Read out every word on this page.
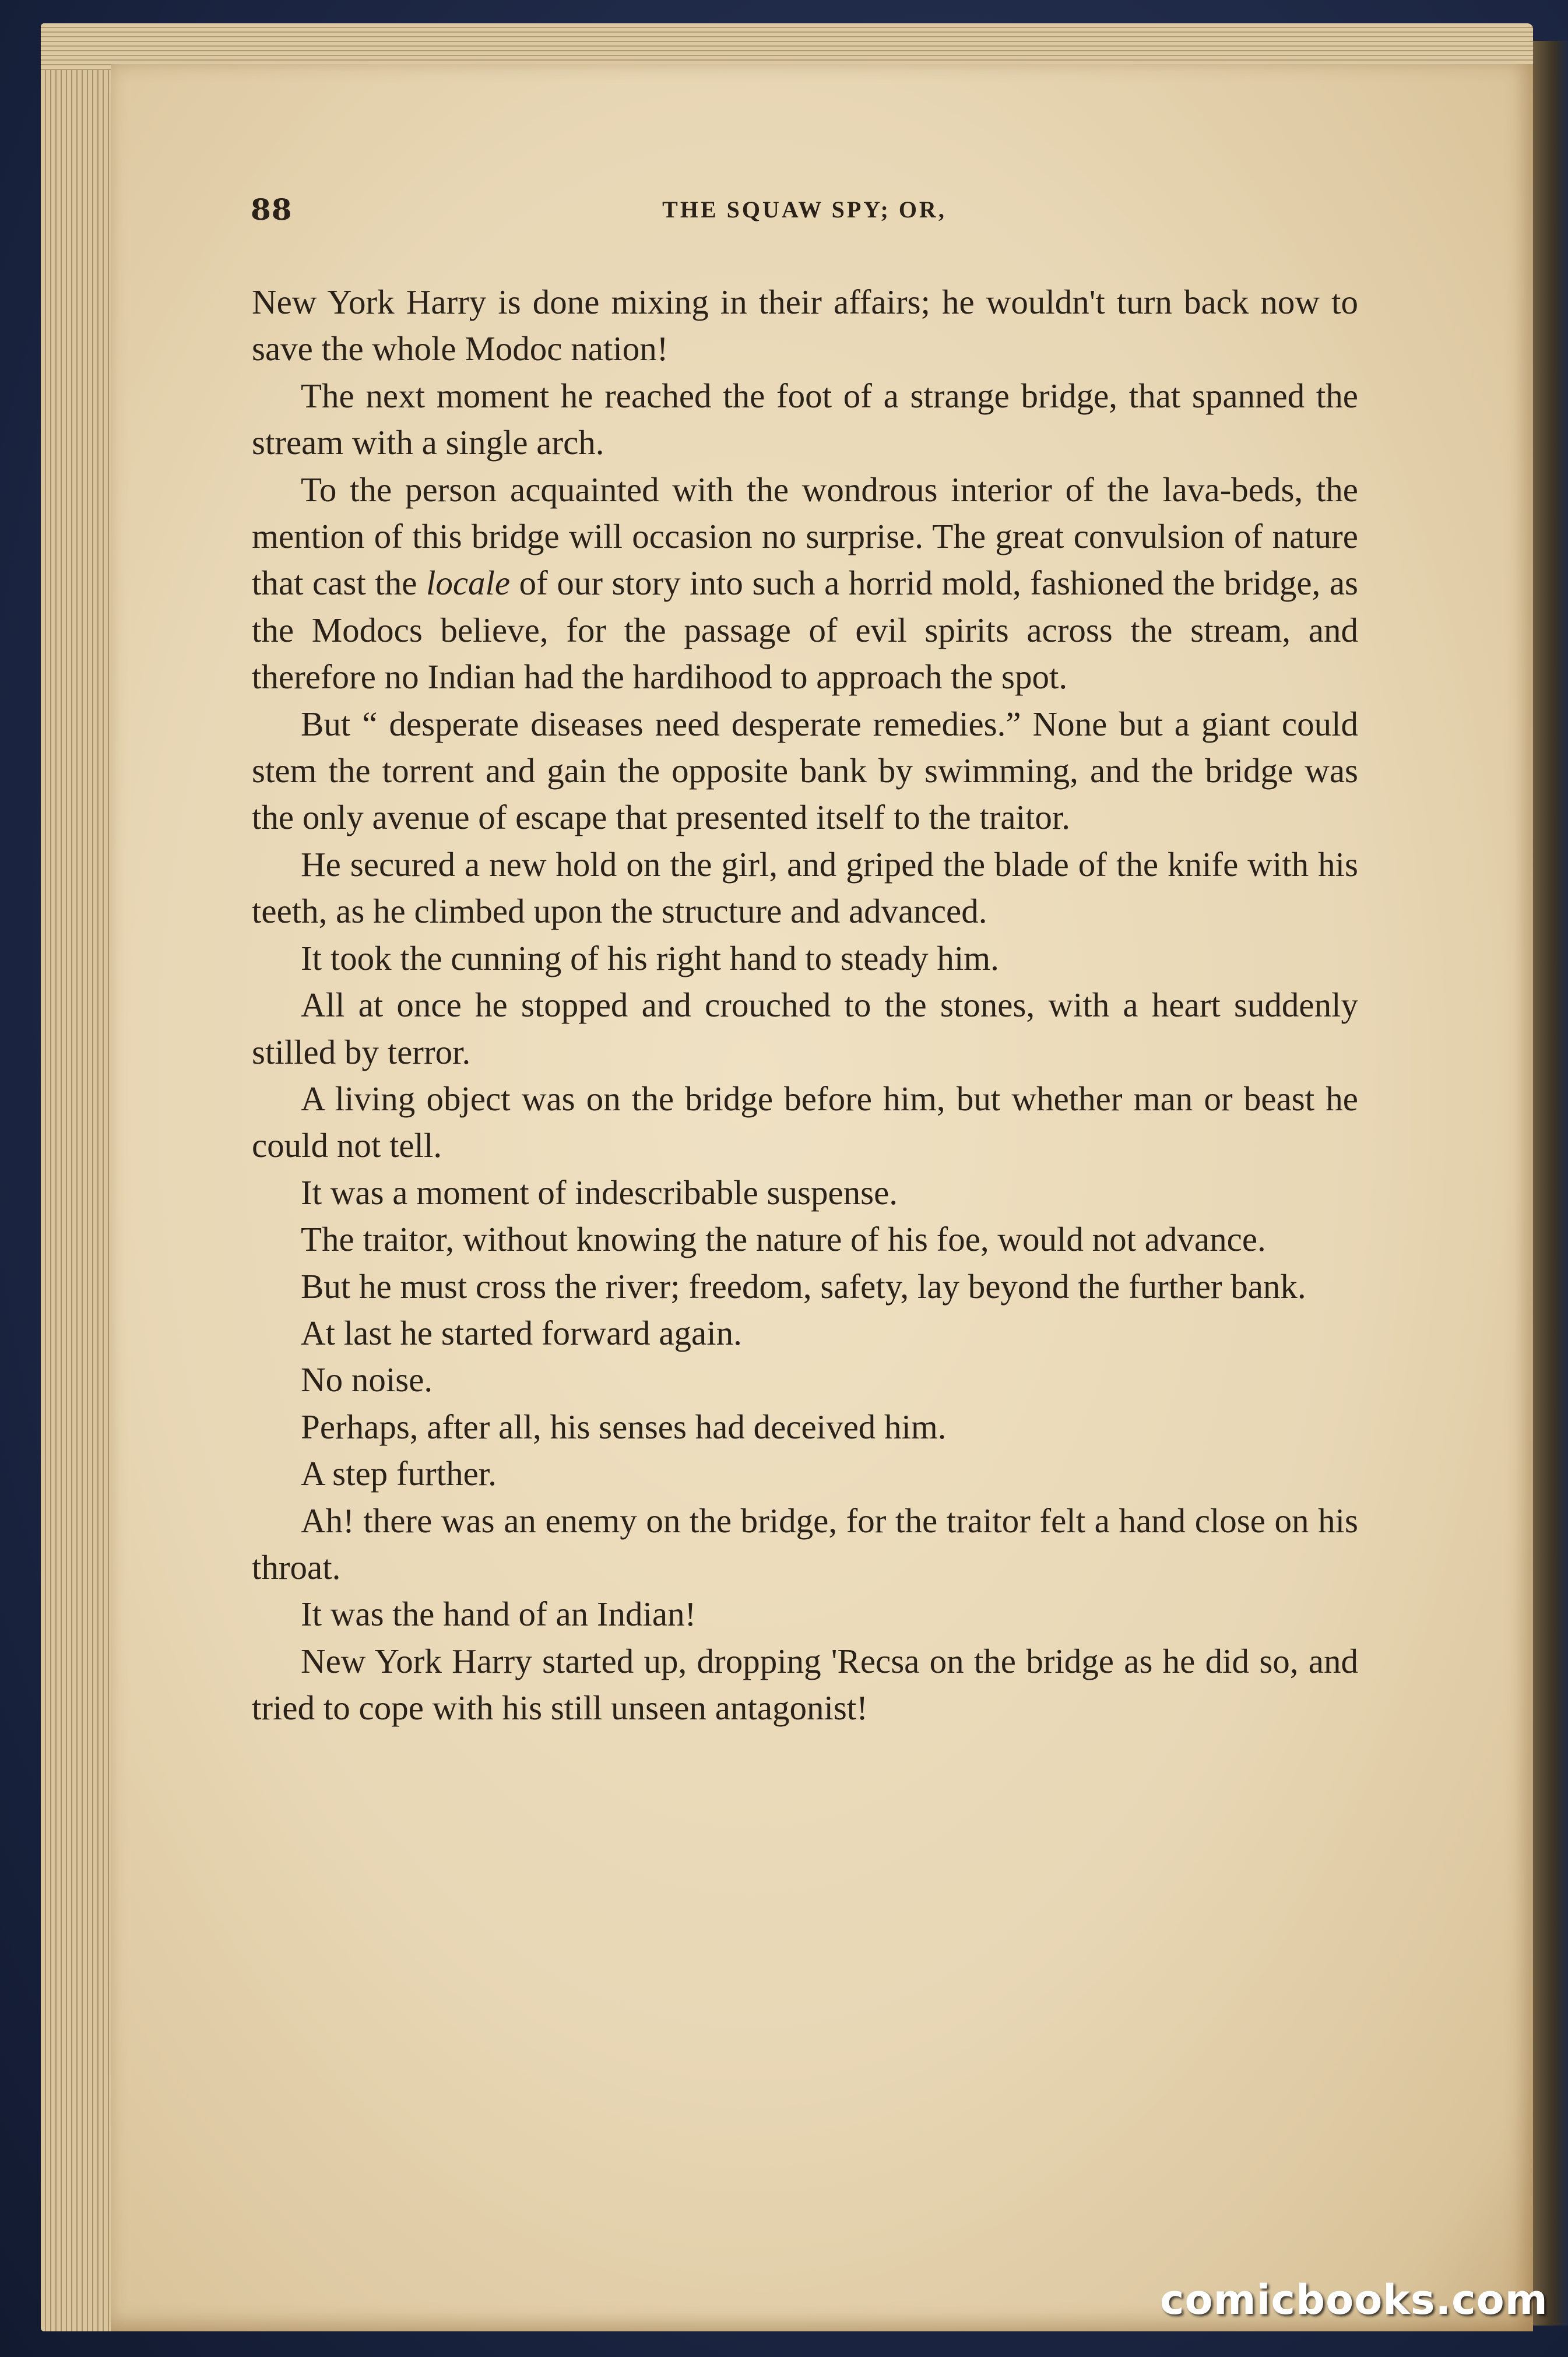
88	THE SQUAW SPY; OR,

New York Harry is done mixing in their affairs; he wouldn't turn back now to save the whole Modoc nation!

The next moment he reached the foot of a strange bridge, that spanned the stream with a single arch.

To the person acquainted with the wondrous interior of the lava-beds, the mention of this bridge will occasion no surprise. The great convulsion of nature that cast the locale of our story into such a horrid mold, fashioned the bridge, as the Modocs believe, for the passage of evil spirits across the stream, and therefore no Indian had the hardihood to approach the spot.

But “ desperate diseases need desperate remedies.” None but a giant could stem the torrent and gain the opposite bank by swimming, and the bridge was the only avenue of escape that presented itself to the traitor.

He secured a new hold on the girl, and griped the blade of the knife with his teeth, as he climbed upon the structure and advanced.

It took the cunning of his right hand to steady him.

All at once he stopped and crouched to the stones, with a heart suddenly stilled by terror.

A living object was on the bridge before him, but whether man or beast he could not tell.

It was a moment of indescribable suspense.

The traitor, without knowing the nature of his foe, would not advance.

But he must cross the river; freedom, safety, lay beyond the further bank.

At last he started forward again.

No noise.

Perhaps, after all, his senses had deceived him.

A step further.

Ah! there was an enemy on the bridge, for the traitor felt a hand close on his throat.

It was the hand of an Indian!

New York Harry started up, dropping 'Recsa on the bridge as he did so, and tried to cope with his still unseen antagonist!

comicbooks.com
